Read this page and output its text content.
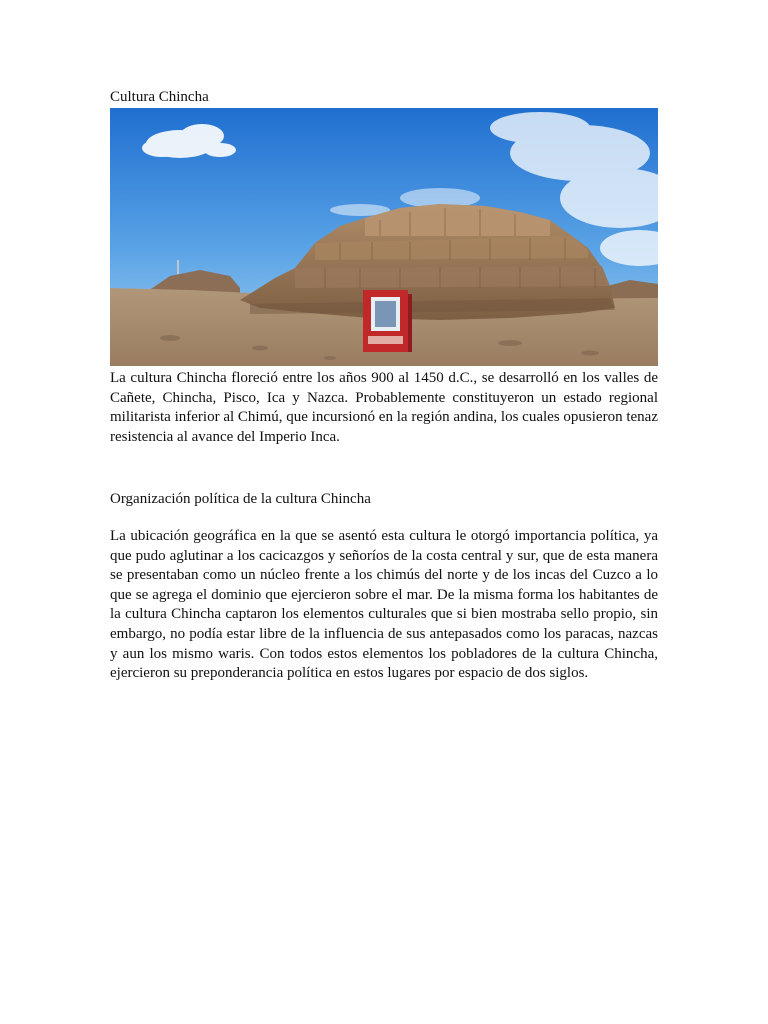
Cultura Chincha

La cultura Chincha floreció entre los años 900 al 1450 d.C., se desarrolló en los valles de Cañete, Chincha, Pisco, Ica y Nazca. Probablemente constituyeron un estado regional militarista inferior al Chimú, que incursionó en la región andina, los cuales opusieron tenaz resistencia al avance del Imperio Inca.

Organización política de la cultura Chincha

La ubicación geográfica en la que se asentó esta cultura le otorgó importancia política, ya que pudo aglutinar a los cacicazgos y señoríos de la costa central y sur, que de esta manera se presentaban como un núcleo frente a los chimús del norte y de los incas del Cuzco a lo que se agrega el dominio que ejercieron sobre el mar. De la misma forma los habitantes de la cultura Chincha captaron los elementos culturales que si bien mostraba sello propio, sin embargo, no podía estar libre de la influencia de sus antepasados como los paracas, nazcas y aun los mismo waris. Con todos estos elementos los pobladores de la cultura Chincha, ejercieron su preponderancia política en estos lugares por espacio de dos siglos.
